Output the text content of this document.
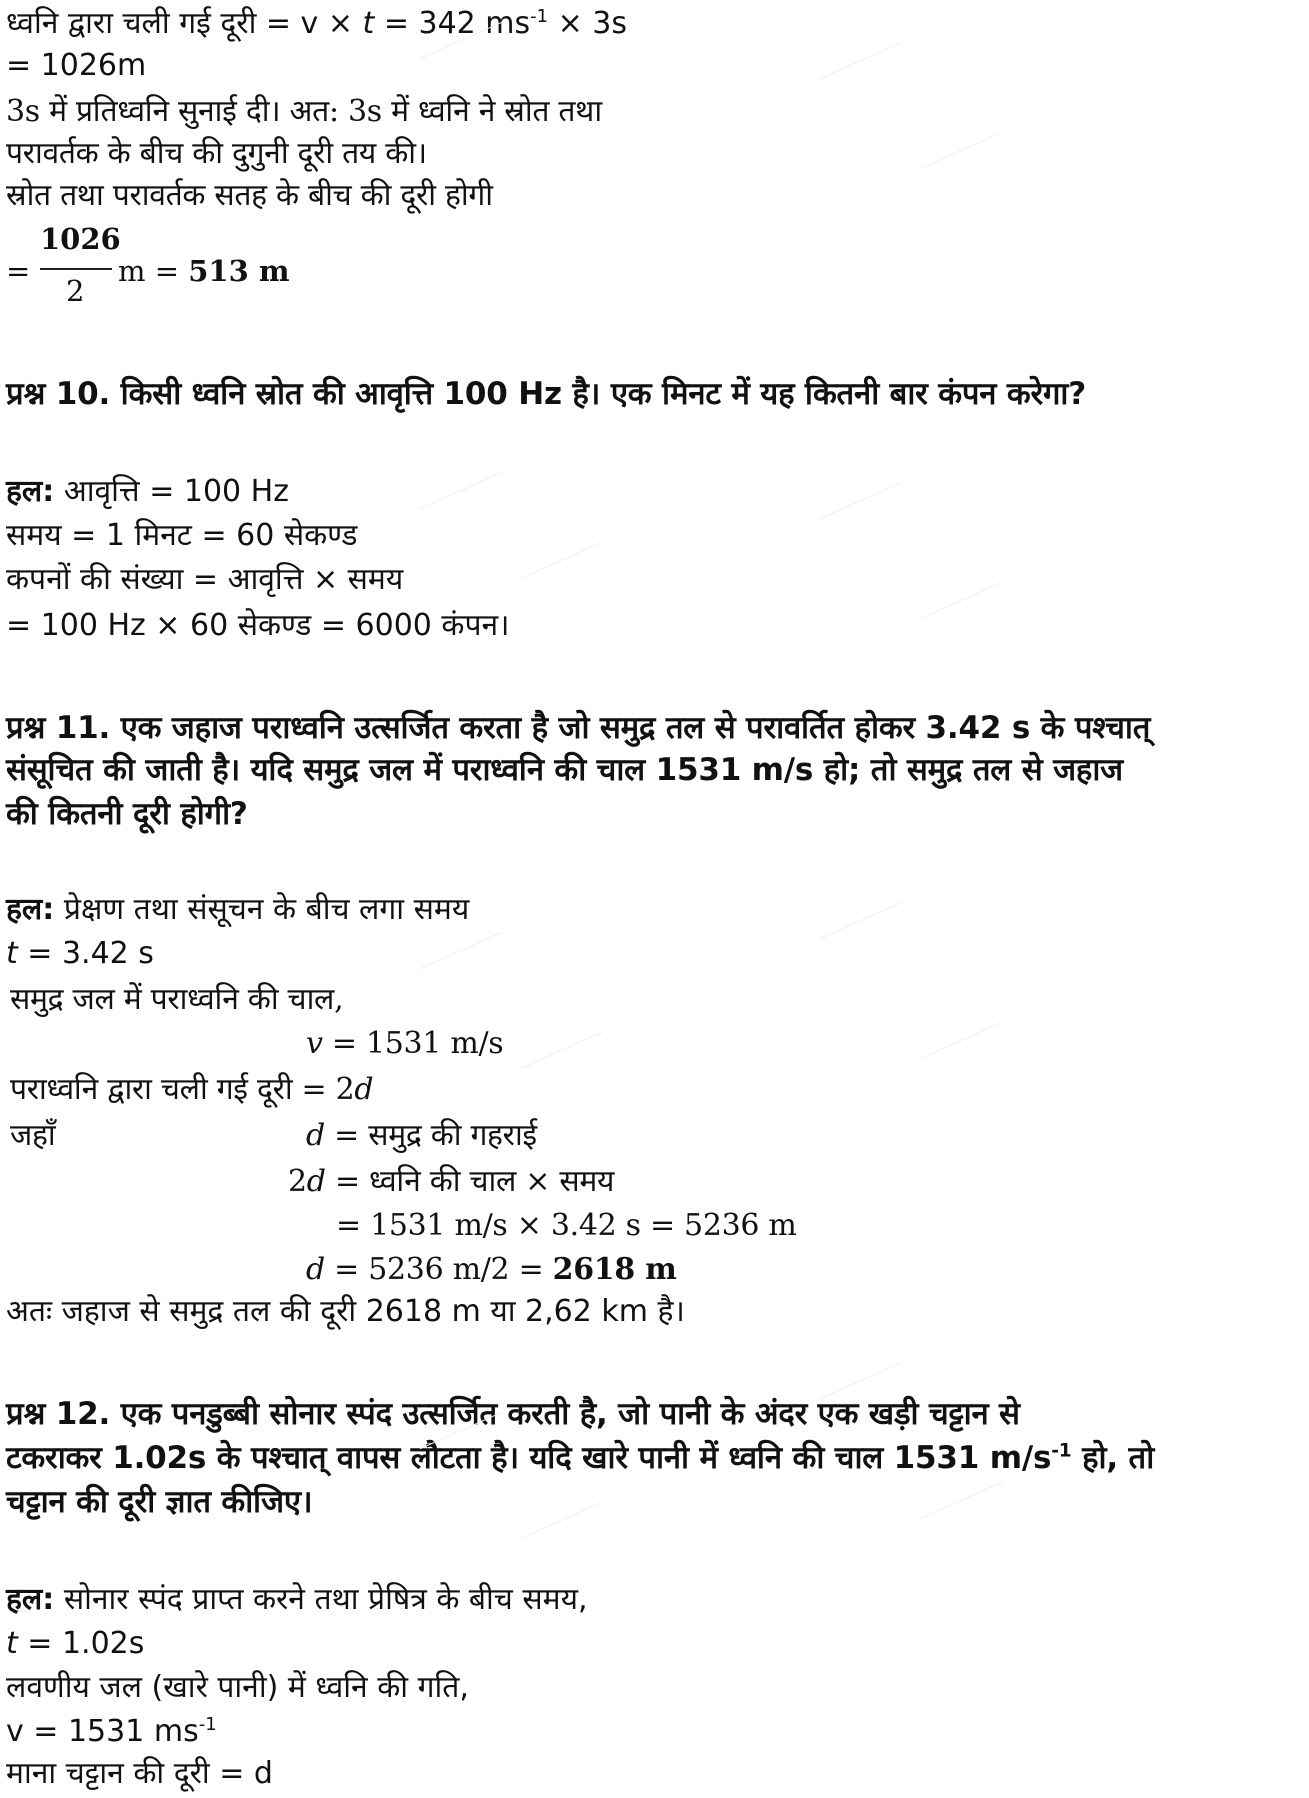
ध्वनि द्वारा चली गई दूरी = v × t = 342 $ms^{-1} \times 3s$
= 1026m
3s में प्रतिध्वनि सुनाई दी। अत: 3s में ध्वनि ने स्रोत तथा
परावर्तक के बीच की दुगुनी दूरी तय की।
स्रोत तथा परावर्तक सतह के बीच की दूरी होगी
=
1026
2
m = 513 m
प्रश्न 10. किसी ध्वनि स्रोत की आवृत्ति 100 Hz है। एक मिनट में यह कितनी बार कंपन करेगा?
हल: आवृत्ति = 100 Hz
समय = 1 मिनट = 60 सेकण्ड
कपनों की संख्या = आवृत्ति × समय
= 100 Hz × 60 सेकण्ड = 6000 कंपन।
प्रश्न 11. एक जहाज पराध्वनि उत्सर्जित करता है जो समुद्र तल से परावर्तित होकर 3.42 s के पश्चात्
संसूचित की जाती है। यदि समुद्र जल में पराध्वनि की चाल 1531 m/s हो; तो समुद्र तल से जहाज
की कितनी दूरी होगी?
हल: प्रेक्षण तथा संसूचन के बीच लगा समय
t = 3.42 s
समुद्र जल में पराध्वनि की चाल,
v = 1531 m/s
पराध्वनि द्वारा चली गई दूरी = 2d
जहाँ	d = समुद्र की गहराई
2d = ध्वनि की चाल × समय
= 1531 m/s × 3.42 s = 5236 m
d = 5236 m/2 = 2618 m
अतः जहाज से समुद्र तल की दूरी 2618 m या 2,62 km है।
प्रश्न 12. एक पनडुब्बी सोनार स्पंद उत्सर्जित करती है, जो पानी के अंदर एक खड़ी चट्टान से
टकराकर 1.02s के पश्चात् वापस लौटता है। यदि खारे पानी में ध्वनि की चाल 1531 $m/s^{-1}$ हो, तो
चट्टान की दूरी ज्ञात कीजिए।
हल: सोनार स्पंद प्राप्त करने तथा प्रेषित्र के बीच समय,
t = 1.02s
लवणीय जल (खारे पानी) में ध्वनि की गति,
v = 1531 $ms^{-1}$
माना चट्टान की दूरी = d
